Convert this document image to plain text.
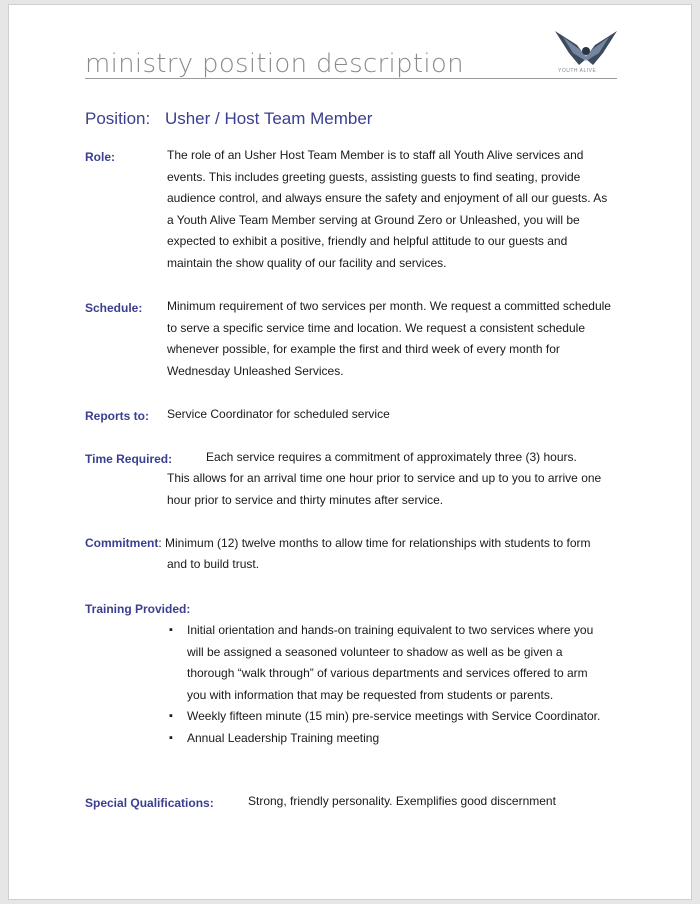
ministry position description	YOUTH ALIVE
Position: Usher / Host Team Member
Role:	The role of an Usher Host Team Member is to staff all Youth Alive services and events. This includes greeting guests, assisting guests to find seating, provide audience control, and always ensure the safety and enjoyment of all our guests. As a Youth Alive Team Member serving at Ground Zero or Unleashed, you will be expected to exhibit a positive, friendly and helpful attitude to our guests and maintain the show quality of our facility and services.
Schedule: Minimum requirement of two services per month. We request a committed schedule to serve a specific service time and location. We request a consistent schedule whenever possible, for example the first and third week of every month for Wednesday Unleashed Services.
Reports to: Service Coordinator for scheduled service
Time Required:	Each service requires a commitment of approximately three (3) hours.
This allows for an arrival time one hour prior to service and up to you to arrive one hour prior to service and thirty minutes after service.
Commitment: Minimum (12) twelve months to allow time for relationships with students to form
and to build trust.
Training Provided:
▪ Initial orientation and hands-on training equivalent to two services where you will be assigned a seasoned volunteer to shadow as well as be given a thorough “walk through” of various departments and services offered to arm you with information that may be requested from students or parents.
▪ Weekly fifteen minute (15 min) pre-service meetings with Service Coordinator.
▪ Annual Leadership Training meeting
Special Qualifications:	Strong, friendly personality. Exemplifies good discernment
